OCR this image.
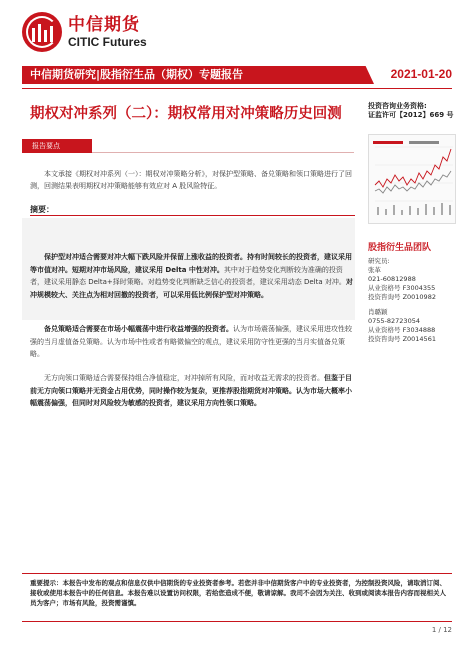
中信期货
CITIC Futures
中信期货研究|股指衍生品（期权）专题报告	2021-01-20
期权对冲系列（二）：期权常用对冲策略历史回测	投资咨询业务资格:
证监许可【2012】669 号
股指衍生品团队
研究员:
张革
021-60812988
从业资格号 F3004355
投资咨询号 Z0010982
肖璐颖
0755-82723054
从业资格号 F3034888
投资咨询号 Z0014561
报告要点
本文承接《期权对冲系列（一）：期权对冲策略分析》，对保护型策略、备兑策略和领口策略进行了回测，回测结果表明期权对冲策略能够有效应对 A 股风险特征。
摘要：
保护型对冲适合需要对冲大幅下跌风险并保留上涨收益的投资者。持有时间较长的投资者，建议采用等市值对冲。短期对冲市场风险，建议采用 Delta 中性对冲。其中对于趋势变化判断较为准确的投资者，建议采用静态 Delta+择时策略。对趋势变化判断缺乏信心的投资者，建议采用动态 Delta 对冲。对冲规模较大、关注点为相对回撤的投资者，可以采用低比例保护型对冲策略。
备兑策略适合需要在市场小幅震荡中进行收益增强的投资者。认为市场震荡偏强，建议采用进攻性较强的当月虚值备兑策略。认为市场中性或者有略微偏空的观点，建议采用防守性更强的当月实值备兑策略。
无方向领口策略适合需要保持组合净值稳定，对冲掉所有风险，而对收益无需求的投资者。但鉴于目前无方向领口策略并无资金占用优势，同时操作较为复杂，更推荐股指期货对冲策略。认为市场大概率小幅震荡偏强，但同时对风险较为敏感的投资者，建议采用方向性领口策略。
重要提示：本报告中发布的观点和信息仅供中信期货的专业投资者参考。若您并非中信期货客户中的专业投资者，为控制投资风险，请取消订阅、接收或使用本报告中的任何信息。本报告难以设置访问权限，若给您造成不便，敬请谅解。我司不会因为关注、收到或阅读本报告内容而视相关人员为客户；市场有风险，投资需谨慎。
1 / 12
